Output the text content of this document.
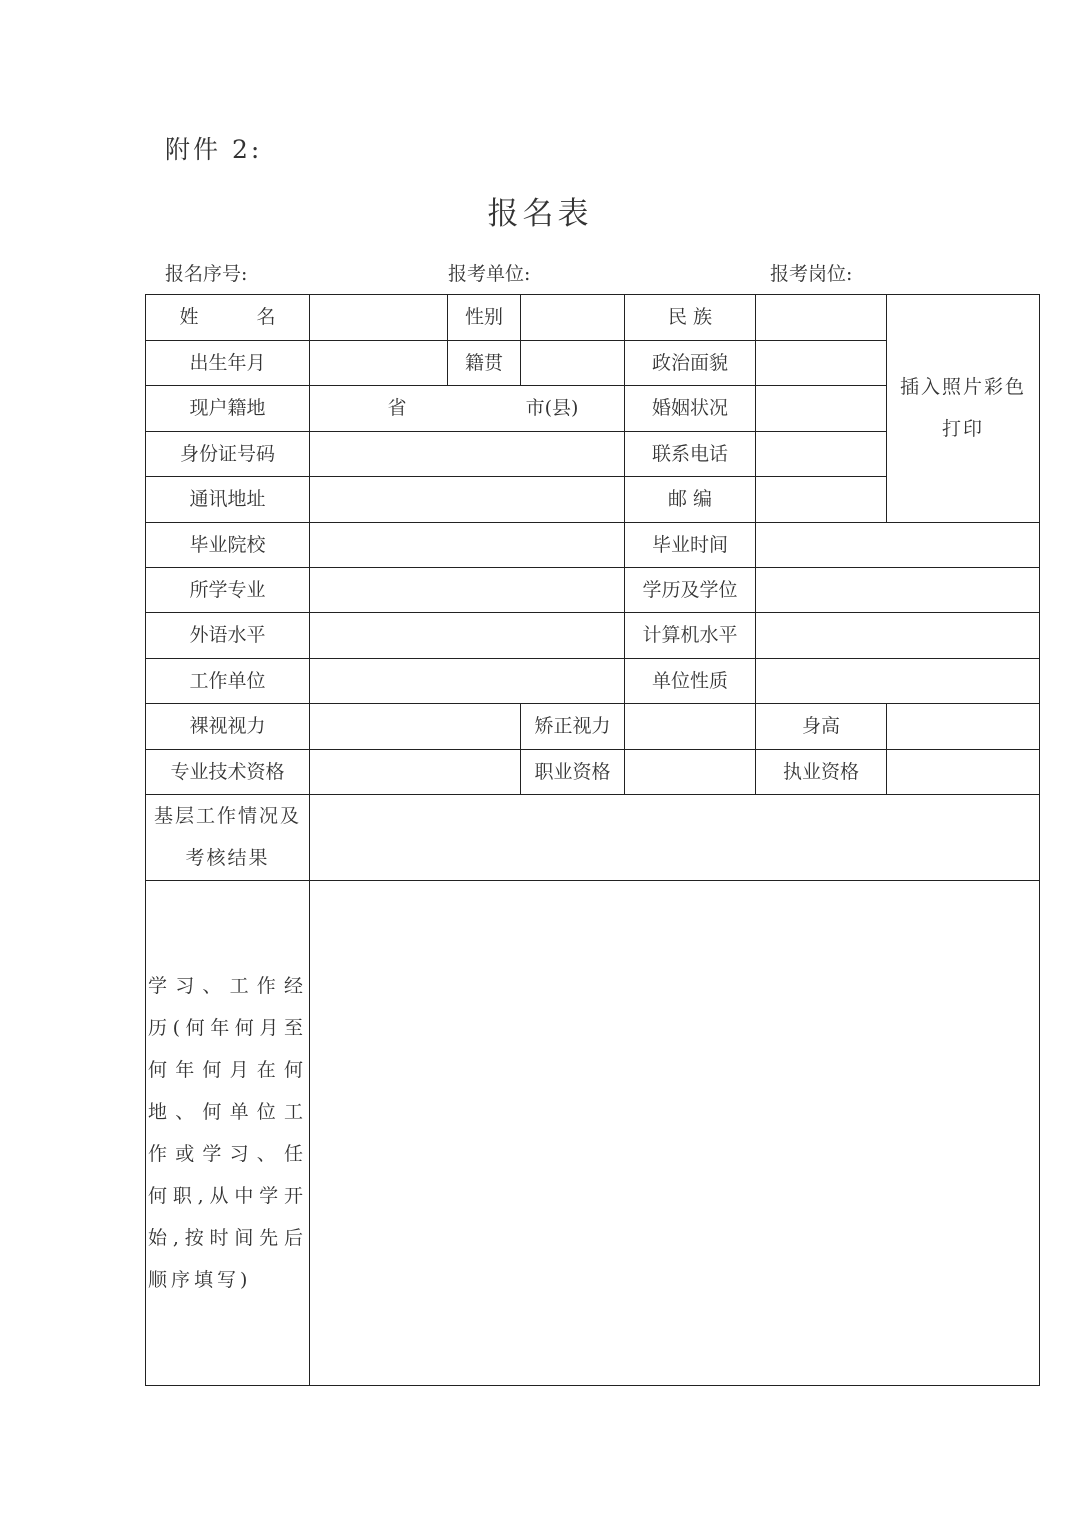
附件 2:
报名表
报名序号:	报考单位:	报考岗位:
姓 名		性别		民 族		插入照片彩色打印
出生年月		籍贯		政治面貌		
现户籍地	省 市(县)			婚姻状况		
身份证号码				联系电话		
通讯地址				邮 编		
毕业院校				毕业时间		
所学专业				学历及学位		
外语水平				计算机水平		
工作单位				单位性质		
裸视视力			矫正视力		身高	
专业技术资格			职业资格		执业资格	
基层工作情况及考核结果						
学习、工作经历(何年何月至何年何月在何地、何单位工作或学习、任何职,从中学开始,按时间先后顺序填写)						
